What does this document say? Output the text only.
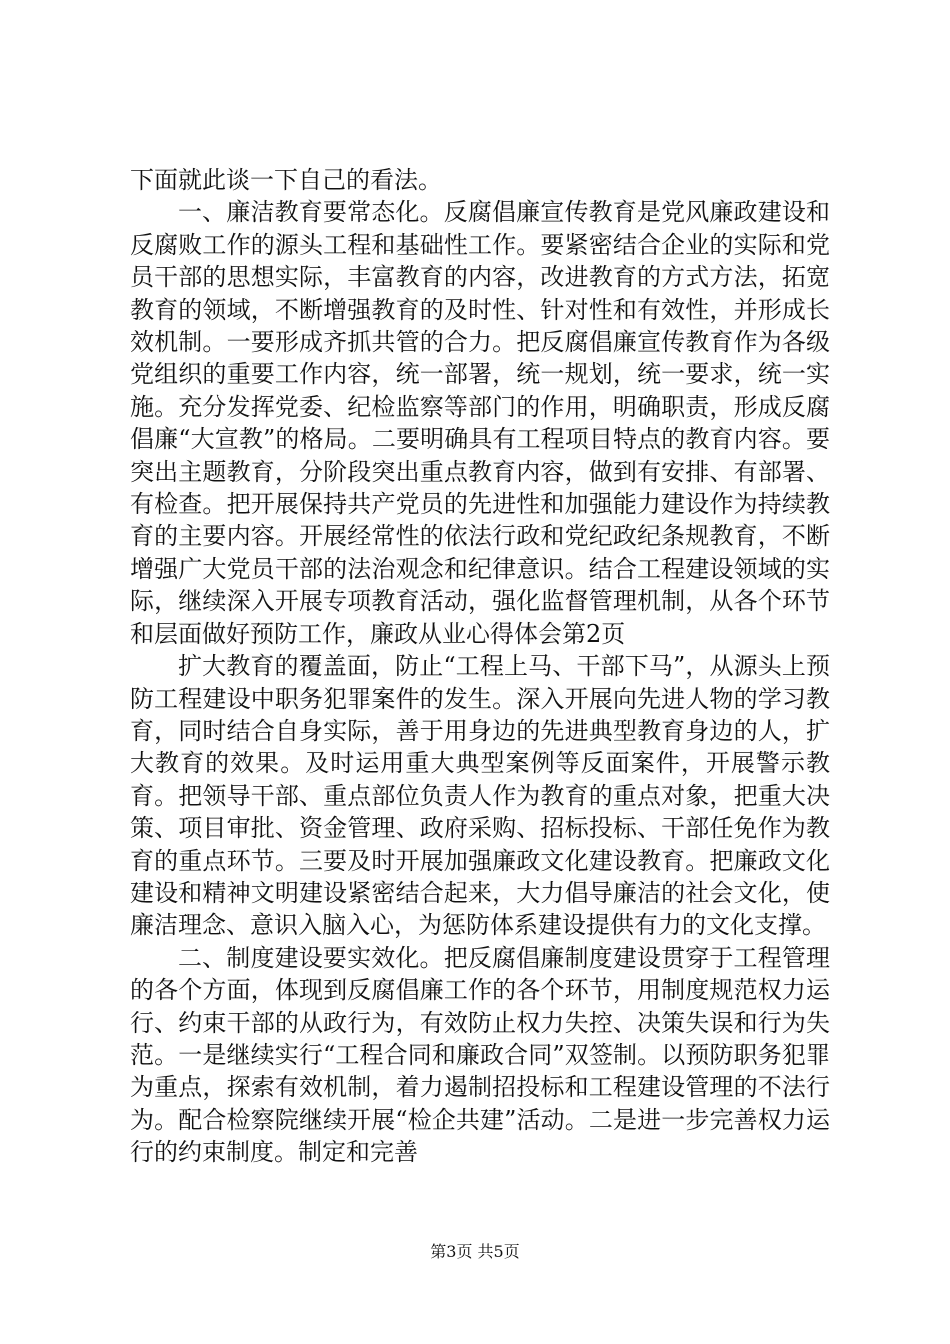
下面就此谈一下自己的看法。

一、廉洁教育要常态化。反腐倡廉宣传教育是党风廉政建设和反腐败工作的源头工程和基础性工作。要紧密结合企业的实际和党员干部的思想实际，丰富教育的内容，改进教育的方式方法，拓宽教育的领域，不断增强教育的及时性、针对性和有效性，并形成长效机制。一要形成齐抓共管的合力。把反腐倡廉宣传教育作为各级党组织的重要工作内容，统一部署，统一规划，统一要求，统一实施。充分发挥党委、纪检监察等部门的作用，明确职责，形成反腐倡廉“大宣教”的格局。二要明确具有工程项目特点的教育内容。要突出主题教育，分阶段突出重点教育内容，做到有安排、有部署、有检查。把开展保持共产党员的先进性和加强能力建设作为持续教育的主要内容。开展经常性的依法行政和党纪政纪条规教育，不断增强广大党员干部的法治观念和纪律意识。结合工程建设领域的实际，继续深入开展专项教育活动，强化监督管理机制，从各个环节和层面做好预防工作，廉政从业心得体会第2页

扩大教育的覆盖面，防止“工程上马、干部下马”，从源头上预防工程建设中职务犯罪案件的发生。深入开展向先进人物的学习教育，同时结合自身实际，善于用身边的先进典型教育身边的人，扩大教育的效果。及时运用重大典型案例等反面案件，开展警示教育。把领导干部、重点部位负责人作为教育的重点对象，把重大决策、项目审批、资金管理、政府采购、招标投标、干部任免作为教育的重点环节。三要及时开展加强廉政文化建设教育。把廉政文化建设和精神文明建设紧密结合起来，大力倡导廉洁的社会文化，使廉洁理念、意识入脑入心，为惩防体系建设提供有力的文化支撑。

二、制度建设要实效化。把反腐倡廉制度建设贯穿于工程管理的各个方面，体现到反腐倡廉工作的各个环节，用制度规范权力运行、约束干部的从政行为，有效防止权力失控、决策失误和行为失范。一是继续实行“工程合同和廉政合同”双签制。以预防职务犯罪为重点，探索有效机制，着力遏制招投标和工程建设管理的不法行为。配合检察院继续开展“检企共建”活动。二是进一步完善权力运行的约束制度。制定和完善

第3页 共5页
